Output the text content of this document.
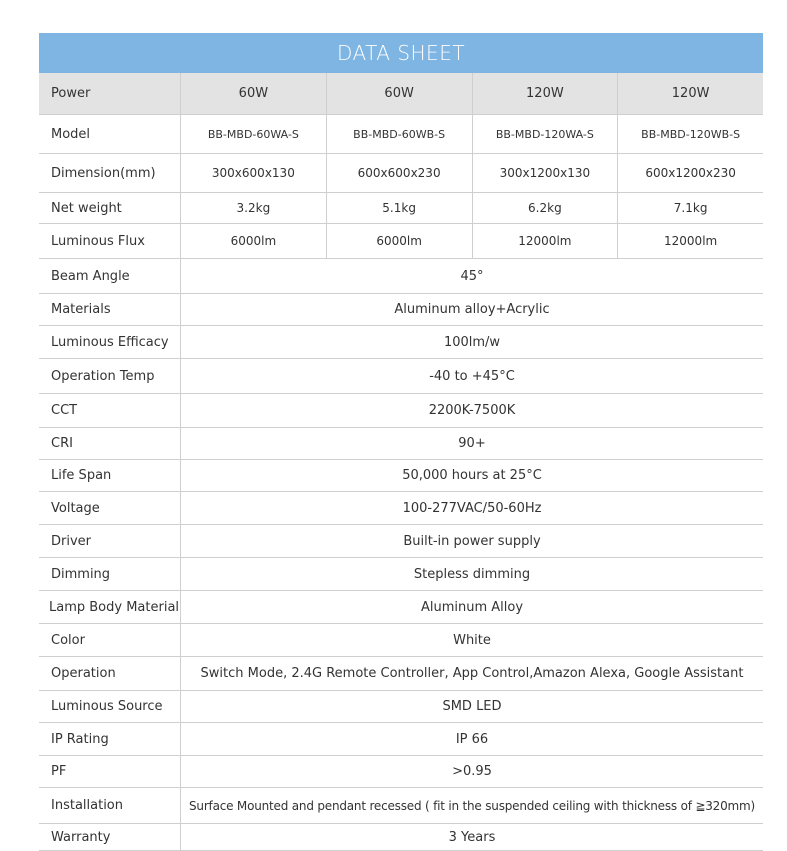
DATA SHEET
Power	60W	60W	120W	120W
Model	BB-MBD-60WA-S	BB-MBD-60WB-S	BB-MBD-120WA-S	BB-MBD-120WB-S
Dimension(mm)	300x600x130	600x600x230	300x1200x130	600x1200x230
Net weight	3.2kg	5.1kg	6.2kg	7.1kg
Luminous Flux	6000lm	6000lm	12000lm	12000lm
Beam Angle	45°
Materials	Aluminum alloy+Acrylic
Luminous Efficacy	100lm/w
Operation Temp	-40 to +45°C
CCT	2200K-7500K
CRI	90+
Life Span	50,000 hours at 25°C
Voltage	100-277VAC/50-60Hz
Driver	Built-in power supply
Dimming	Stepless dimming
Lamp Body Material	Aluminum Alloy
Color	White
Operation	Switch Mode, 2.4G Remote Controller, App Control,Amazon Alexa, Google Assistant
Luminous Source	SMD LED
IP Rating	IP 66
PF	>0.95
Installation	Surface Mounted and pendant recessed ( fit in the suspended ceiling with thickness of ≧320mm)
Warranty	3 Years
